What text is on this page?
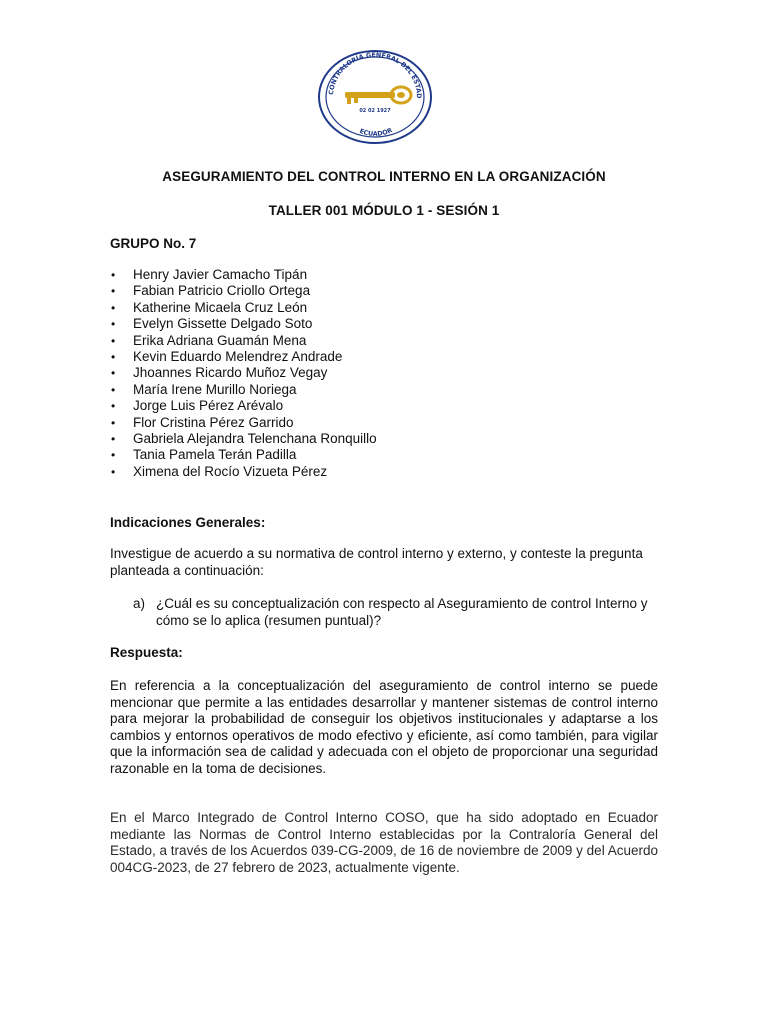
CONTRALORÍA GENERAL DEL ESTAD
ECUADOR
02 02 1927
ASEGURAMIENTO DEL CONTROL INTERNO EN LA ORGANIZACIÓN
TALLER 001 MÓDULO 1 - SESIÓN 1
GRUPO No. 7
• Henry Javier Camacho Tipán
• Fabian Patricio Criollo Ortega
• Katherine Micaela Cruz León
• Evelyn Gissette Delgado Soto
• Erika Adriana Guamán Mena
• Kevin Eduardo Melendrez Andrade
• Jhoannes Ricardo Muñoz Vegay
• María Irene Murillo Noriega
• Jorge Luis Pérez Arévalo
• Flor Cristina Pérez Garrido
• Gabriela Alejandra Telenchana Ronquillo
• Tania Pamela Terán Padilla
• Ximena del Rocío Vizueta Pérez
Indicaciones Generales:

Investigue de acuerdo a su normativa de control interno y externo, y conteste la pregunta planteada a continuación:

a) ¿Cuál es su conceptualización con respecto al Aseguramiento de control Interno y cómo se lo aplica (resumen puntual)?
Respuesta:

En referencia a la conceptualización del aseguramiento de control interno se puede mencionar que permite a las entidades desarrollar y mantener sistemas de control interno para mejorar la probabilidad de conseguir los objetivos institucionales y adaptarse a los cambios y entornos operativos de modo efectivo y eficiente, así como también, para vigilar que la información sea de calidad y adecuada con el objeto de proporcionar una seguridad razonable en la toma de decisiones.

En el Marco Integrado de Control Interno COSO, que ha sido adoptado en Ecuador mediante las Normas de Control Interno establecidas por la Contraloría General del Estado, a través de los Acuerdos 039-CG-2009, de 16 de noviembre de 2009 y del Acuerdo 004CG-2023, de 27 febrero de 2023, actualmente vigente.
